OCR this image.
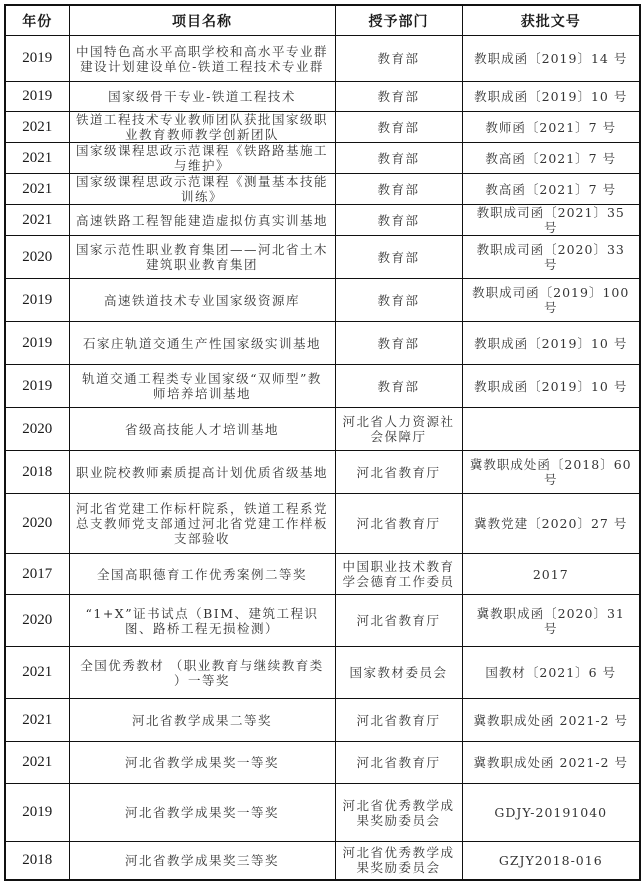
年份	项目名称	授予部门	获批文号
2019	中国特色高水平高职学校和高水平专业群建设计划建设单位-铁道工程技术专业群	教育部	教职成函〔2019〕14 号
2019	国家级骨干专业-铁道工程技术	教育部	教职成函〔2019〕10 号
2021	铁道工程技术专业教师团队获批国家级职业教育教师教学创新团队	教育部	教师函〔2021〕7 号
2021	国家级课程思政示范课程《铁路路基施工与维护》	教育部	教高函〔2021〕7 号
2021	国家级课程思政示范课程《测量基本技能训练》	教育部	教高函〔2021〕7 号
2021	高速铁路工程智能建造虚拟仿真实训基地	教育部	教职成司函〔2021〕35 号
2020	国家示范性职业教育集团——河北省土木建筑职业教育集团	教育部	教职成司函〔2020〕33 号
2019	高速铁道技术专业国家级资源库	教育部	教职成司函〔2019〕100 号
2019	石家庄轨道交通生产性国家级实训基地	教育部	教职成函〔2019〕10 号
2019	轨道交通工程类专业国家级“双师型”教师培养培训基地	教育部	教职成函〔2019〕10 号
2020	省级高技能人才培训基地	河北省人力资源社会保障厅	
2018	职业院校教师素质提高计划优质省级基地	河北省教育厅	冀教职成处函〔2018〕60 号
2020	河北省党建工作标杆院系，铁道工程系党总支教师党支部通过河北省党建工作样板支部验收	河北省教育厅	冀教党建〔2020〕27 号
2017	全国高职德育工作优秀案例二等奖	中国职业技术教育学会德育工作委员	2017
2020	“1+X”证书试点（BIM、建筑工程识图、路桥工程无损检测）	河北省教育厅	冀教职成函〔2020〕31 号
2021	全国优秀教材 （职业教育与继续教育类 ）一等奖	国家教材委员会	国教材〔2021〕6 号
2021	河北省教学成果二等奖	河北省教育厅	冀教职成处函 2021-2 号
2021	河北省教学成果奖一等奖	河北省教育厅	冀教职成处函 2021-2 号
2019	河北省教学成果奖一等奖	河北省优秀教学成果奖励委员会	GDJY-20191040
2018	河北省教学成果奖三等奖	河北省优秀教学成果奖励委员会	GZJY2018-016
